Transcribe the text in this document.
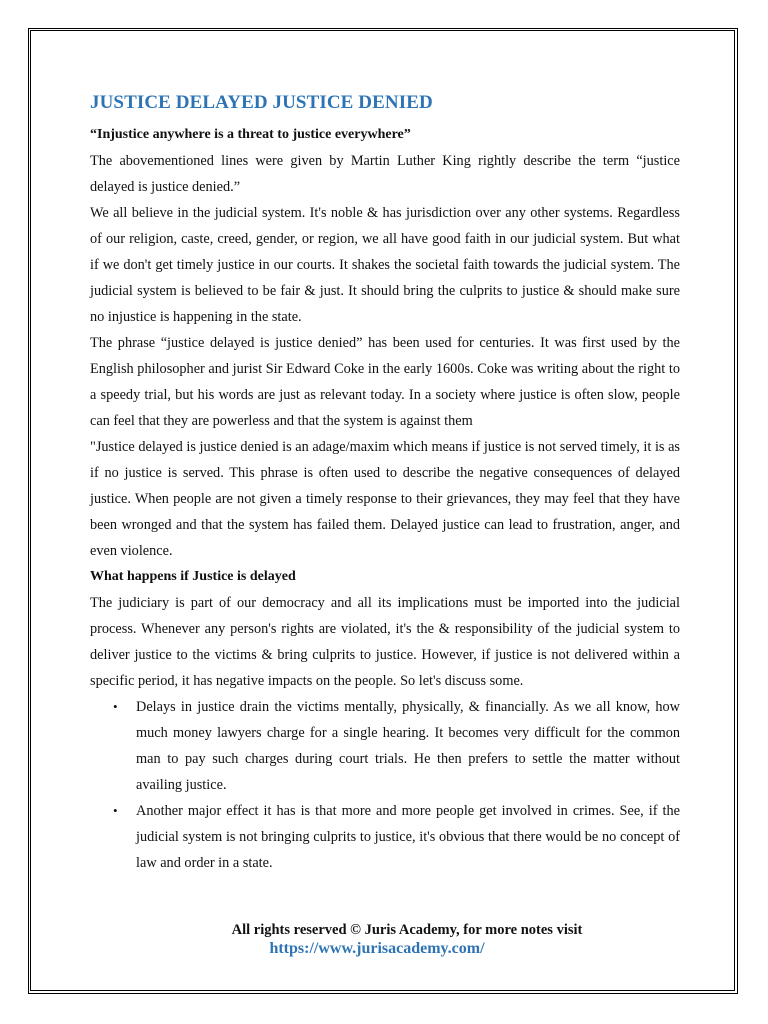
JUSTICE DELAYED JUSTICE DENIED
“Injustice anywhere is a threat to justice everywhere”

The abovementioned lines were given by Martin Luther King rightly describe the term “justice delayed is justice denied.”

We all believe in the judicial system. It's noble & has jurisdiction over any other systems. Regardless of our religion, caste, creed, gender, or region, we all have good faith in our judicial system. But what if we don't get timely justice in our courts. It shakes the societal faith towards the judicial system. The judicial system is believed to be fair & just. It should bring the culprits to justice & should make sure no injustice is happening in the state.

The phrase “justice delayed is justice denied” has been used for centuries. It was first used by the English philosopher and jurist Sir Edward Coke in the early 1600s. Coke was writing about the right to a speedy trial, but his words are just as relevant today. In a society where justice is often slow, people can feel that they are powerless and that the system is against them

"Justice delayed is justice denied is an adage/maxim which means if justice is not served timely, it is as if no justice is served. This phrase is often used to describe the negative consequences of delayed justice. When people are not given a timely response to their grievances, they may feel that they have been wronged and that the system has failed them. Delayed justice can lead to frustration, anger, and even violence.

What happens if Justice is delayed

The judiciary is part of our democracy and all its implications must be imported into the judicial process. Whenever any person's rights are violated, it's the & responsibility of the judicial system to deliver justice to the victims & bring culprits to justice. However, if justice is not delivered within a specific period, it has negative impacts on the people. So let's discuss some.

• Delays in justice drain the victims mentally, physically, & financially. As we all know, how much money lawyers charge for a single hearing. It becomes very difficult for the common man to pay such charges during court trials. He then prefers to settle the matter without availing justice.
• Another major effect it has is that more and more people get involved in crimes. See, if the judicial system is not bringing culprits to justice, it's obvious that there would be no concept of law and order in a state.
All rights reserved © Juris Academy, for more notes visit
https://www.jurisacademy.com/
